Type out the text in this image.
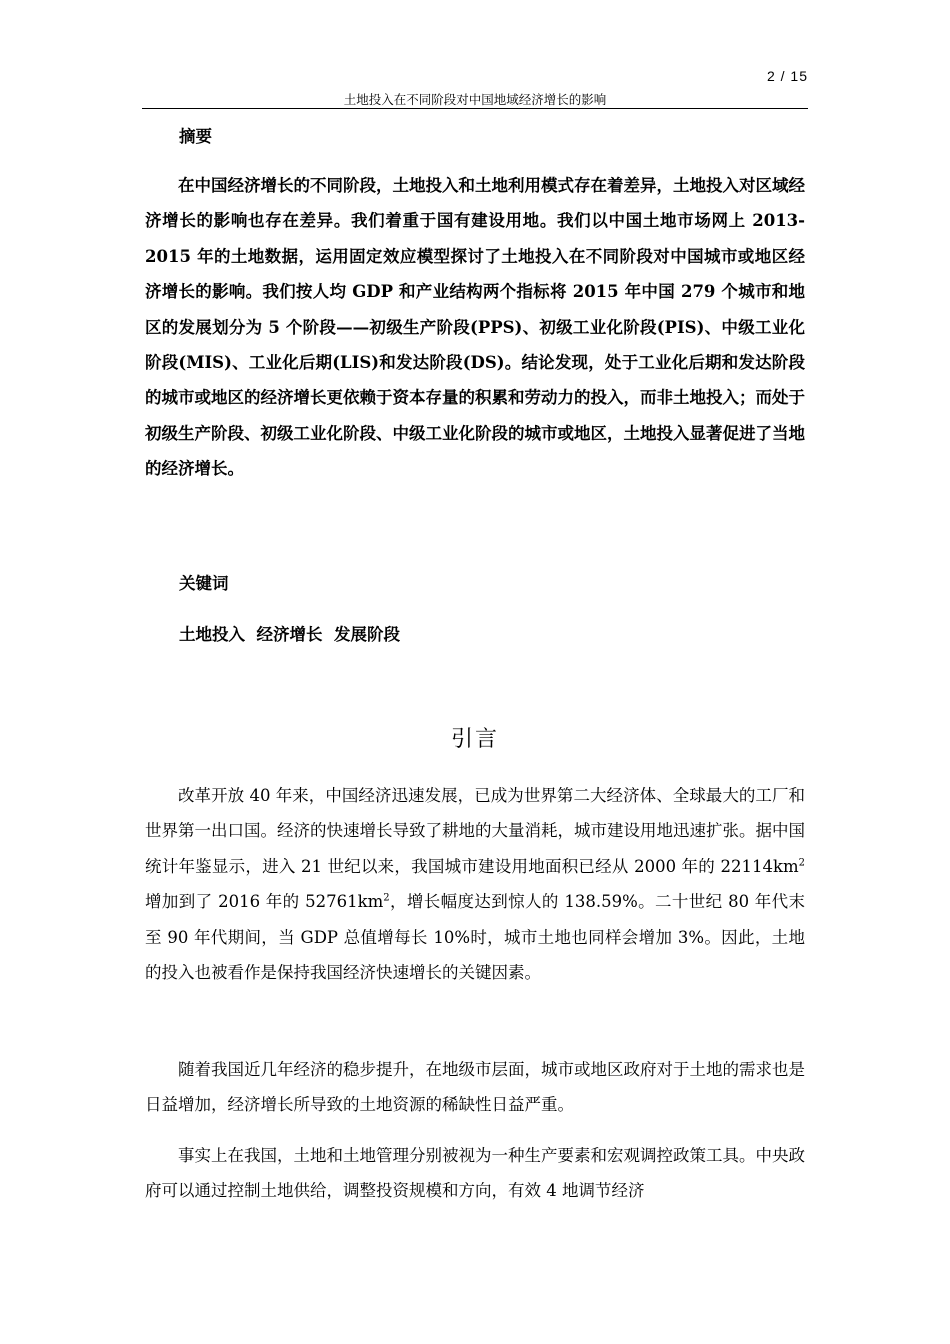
2 / 15
土地投入在不同阶段对中国地域经济增长的影响
摘要

在中国经济增长的不同阶段，土地投入和土地利用模式存在着差异，土地投入对区域经济增长的影响也存在差异。我们着重于国有建设用地。我们以中国土地市场网上 2013-2015 年的土地数据，运用固定效应模型探讨了土地投入在不同阶段对中国城市或地区经济增长的影响。我们按人均 GDP 和产业结构两个指标将 2015 年中国 279 个城市和地区的发展划分为 5 个阶段——初级生产阶段(PPS)、初级工业化阶段(PIS)、中级工业化阶段(MIS)、工业化后期(LIS)和发达阶段(DS)。结论发现，处于工业化后期和发达阶段的城市或地区的经济增长更依赖于资本存量的积累和劳动力的投入，而非土地投入；而处于初级生产阶段、初级工业化阶段、中级工业化阶段的城市或地区，土地投入显著促进了当地的经济增长。

关键词
土地投入  经济增长  发展阶段
引言

改革开放 40 年来，中国经济迅速发展，已成为世界第二大经济体、全球最大的工厂和世界第一出口国。经济的快速增长导致了耕地的大量消耗，城市建设用地迅速扩张。据中国统计年鉴显示，进入 21 世纪以来，我国城市建设用地面积已经从 2000 年的 $22114km^2$ 增加到了 2016 年的 $52761km^2$，增长幅度达到惊人的 138.59%。二十世纪 80 年代末至 90 年代期间，当 GDP 总值增每长 10%时，城市土地也同样会增加 3%。因此，土地的投入也被看作是保持我国经济快速增长的关键因素。

随着我国近几年经济的稳步提升，在地级市层面，城市或地区政府对于土地的需求也是日益增加，经济增长所导致的土地资源的稀缺性日益严重。

事实上在我国，土地和土地管理分别被视为一种生产要素和宏观调控政策工具。中央政府可以通过控制土地供给，调整投资规模和方向，有效 4 地调节经济
